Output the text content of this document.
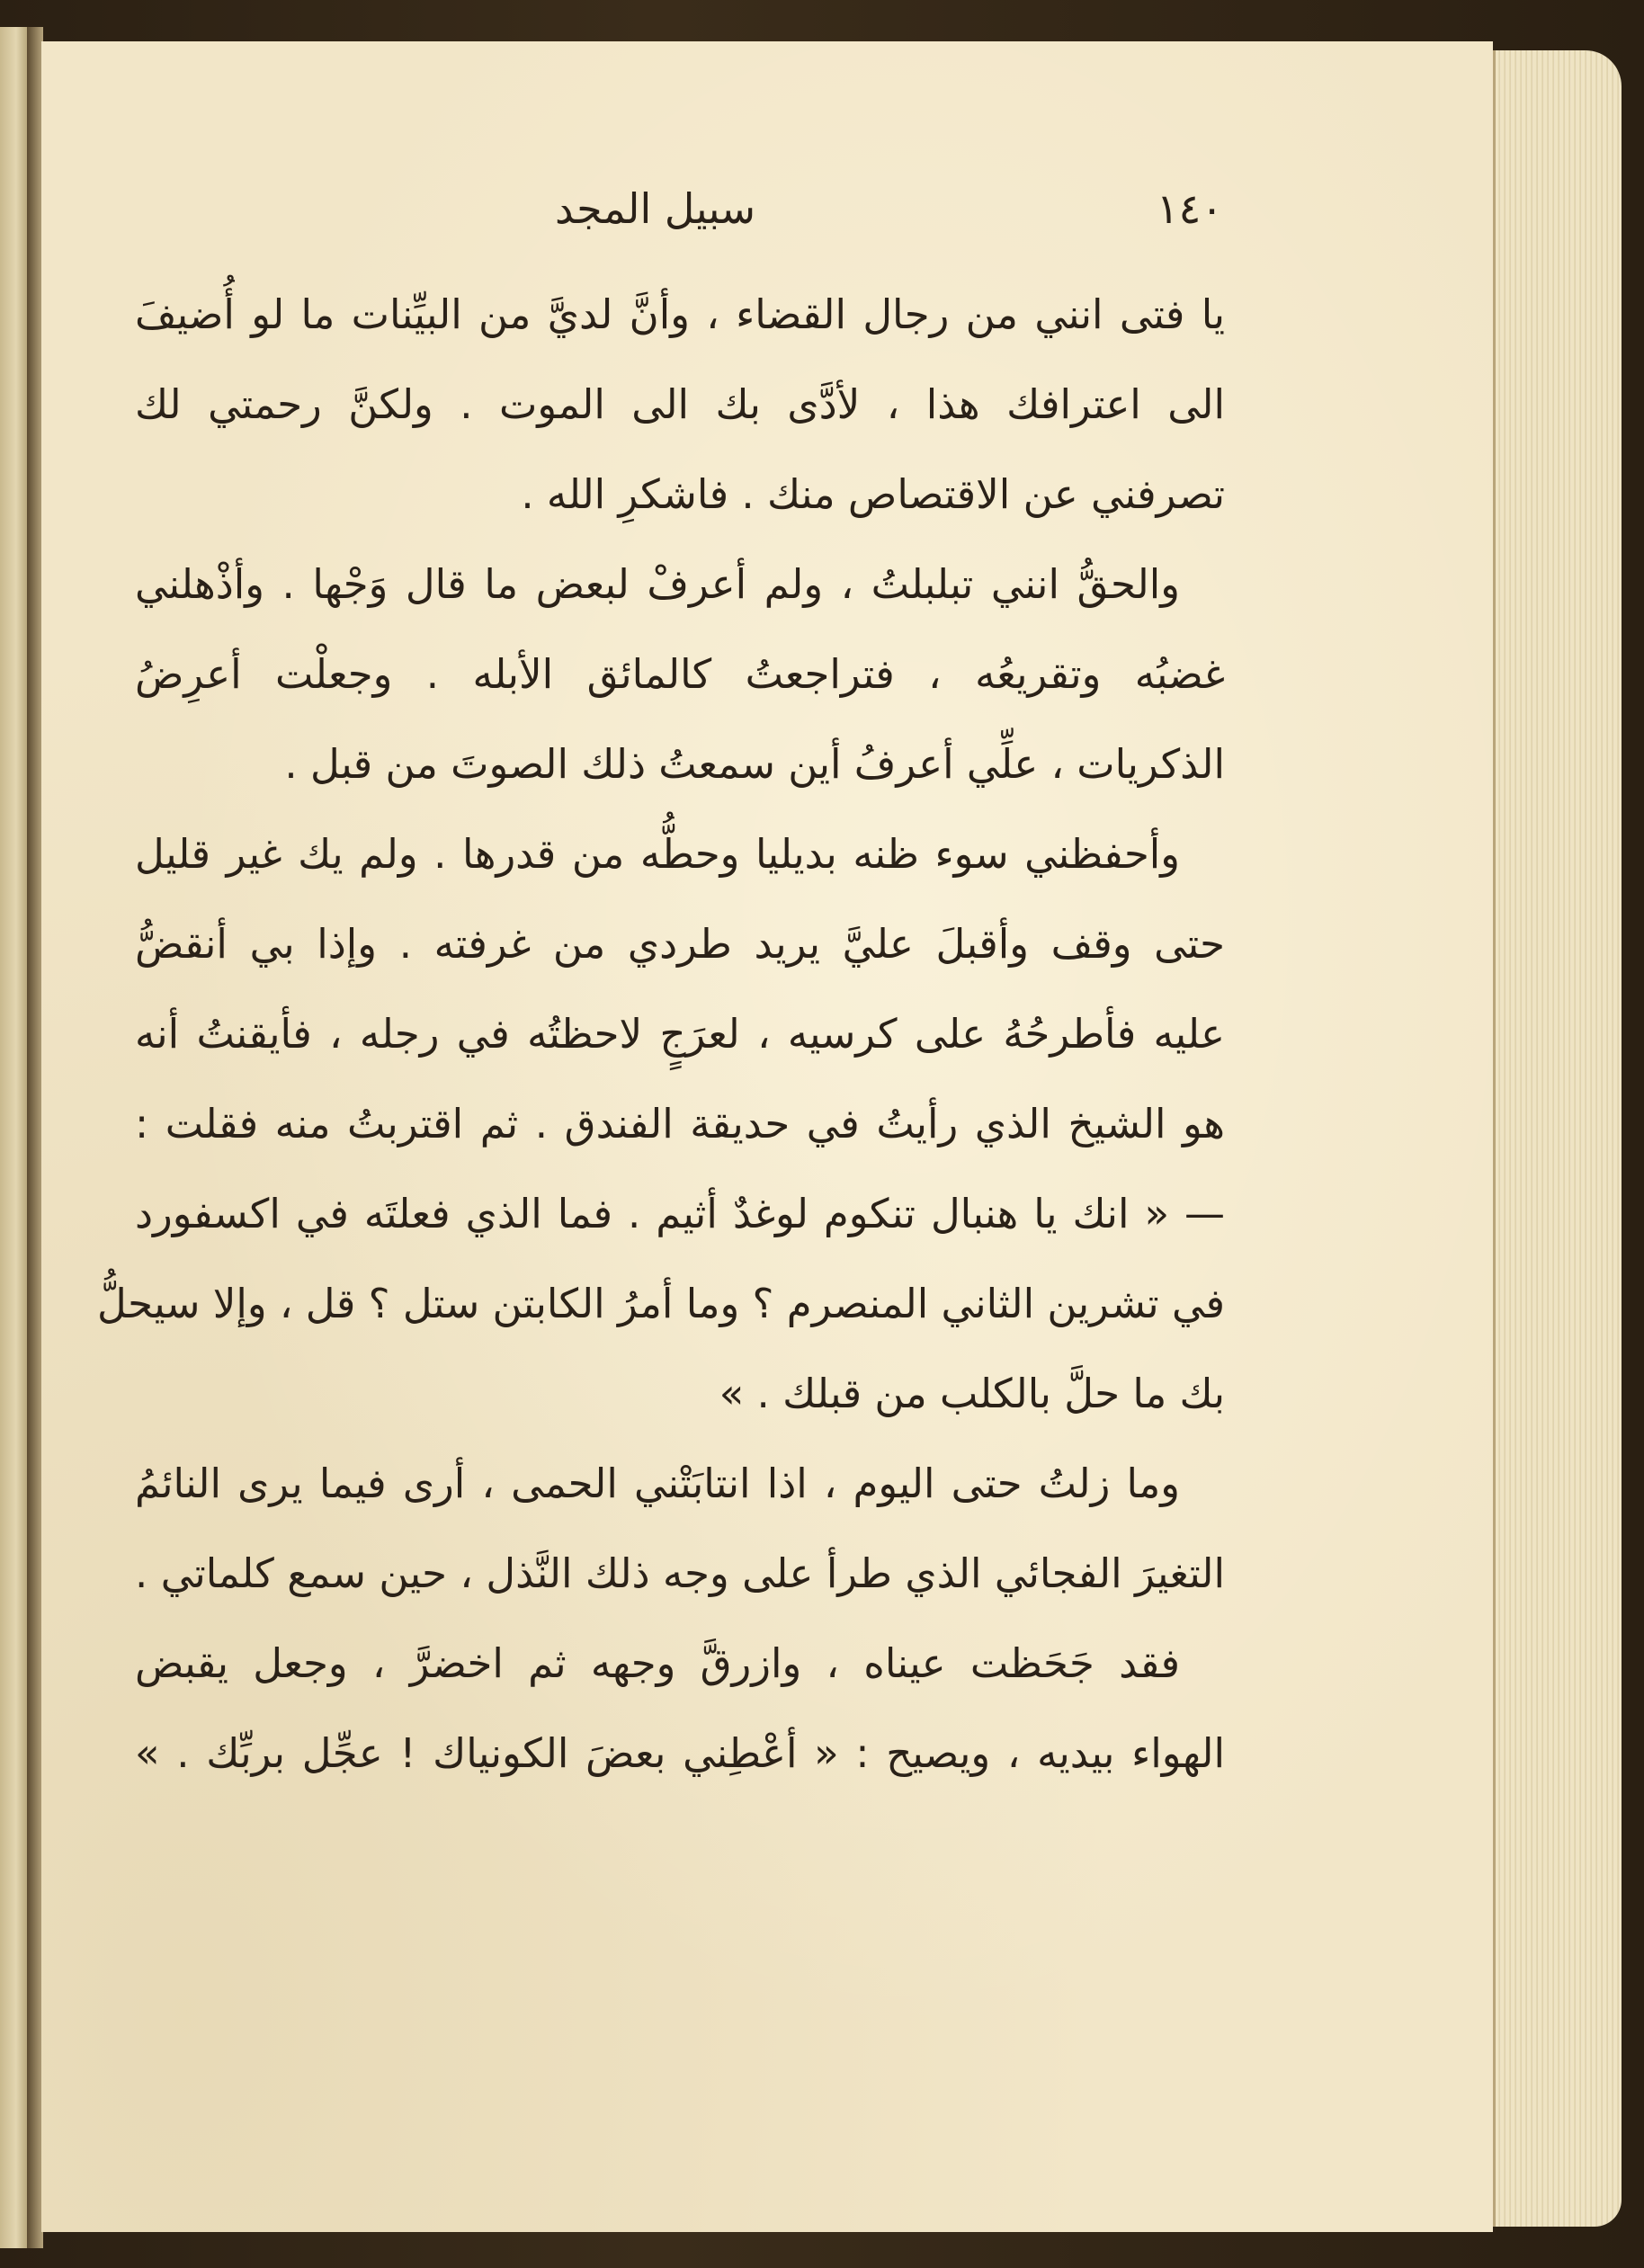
١٤٠
سبيل المجد
يا فتى انني من رجال القضاء ، وأنَّ لديَّ من البيِّنات ما لو أُضيفَ
الى اعترافك هذا ، لأدَّى بك الى الموت . ولكنَّ رحمتي لك
تصرفني عن الاقتصاص منك . فاشكرِ الله .
والحقُّ انني تبلبلتُ ، ولم أعرفْ لبعض ما قال وَجْها . وأذْهلني
غضبُه وتقريعُه ، فتراجعتُ كالمائق الأبله . وجعلْت أعرِضُ
الذكريات ، علِّي أعرفُ أين سمعتُ ذلك الصوتَ من قبل .
وأحفظني سوء ظنه بديليا وحطُّه من قدرها . ولم يك غير قليل
حتى وقف وأقبلَ عليَّ يريد طردي من غرفته . وإذا بي أنقضُّ
عليه فأطرحُهُ على كرسيه ، لعرَجٍ لاحظتُه في رجله ، فأيقنتُ أنه
هو الشيخ الذي رأيتُ في حديقة الفندق . ثم اقتربتُ منه فقلت :
— « انك يا هنبال تنكوم لوغدٌ أثيم . فما الذي فعلتَه في اكسفورد
في تشرين الثاني المنصرم ؟ وما أمرُ الكابتن ستل ؟ قل ، وإلا سيحلُّ
بك ما حلَّ بالكلب من قبلك . »
وما زلتُ حتى اليوم ، اذا انتابَتْني الحمى ، أرى فيما يرى النائمُ
التغيرَ الفجائي الذي طرأ على وجه ذلك النَّذل ، حين سمع كلماتي .
فقد جَحَظت عيناه ، وازرقَّ وجهه ثم اخضرَّ ، وجعل يقبض
الهواء بيديه ، ويصيح : « أعْطِني بعضَ الكونياك ! عجِّل بربِّك . »
